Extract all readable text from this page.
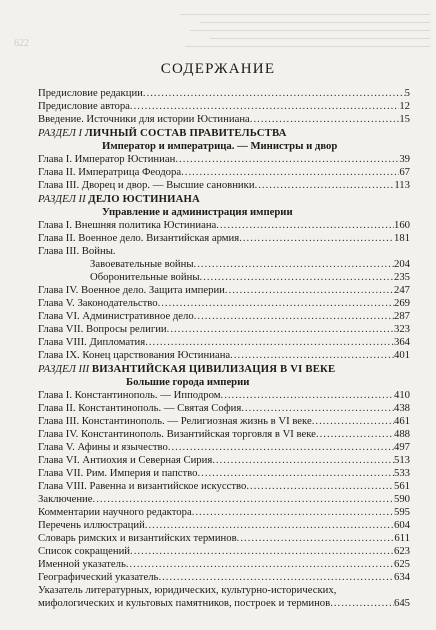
622
СОДЕРЖАНИЕ
Предисловие редакции .....	5
Предисловие автора .....	12
Введение. Источники для истории Юстиниана .....	15
РАЗДЕЛ I ЛИЧНЫЙ СОСТАВ ПРАВИТЕЛЬСТВА
Император и императрица. — Министры и двор
Глава I. Император Юстиниан .....	39
Глава II. Императрица Феодора .....	67
Глава III. Дворец и двор. — Высшие сановники .....	113
РАЗДЕЛ II ДЕЛО ЮСТИНИАНА
Управление и администрация империи
Глава I. Внешняя политика Юстиниана .....	160
Глава II. Военное дело. Византийская армия .....	181
Глава III. Войны.
Завоевательные войны .....	204
Оборонительные войны .....	235
Глава IV. Военное дело. Защита империи .....	247
Глава V. Законодательство .....	269
Глава VI. Административное дело .....	287
Глава VII. Вопросы религии .....	323
Глава VIII. Дипломатия .....	364
Глава IX. Конец царствования Юстиниана .....	401
РАЗДЕЛ III ВИЗАНТИЙСКАЯ ЦИВИЛИЗАЦИЯ В VI ВЕКЕ
Большие города империи
Глава I. Константинополь. — Ипподром .....	410
Глава II. Константинополь. — Святая София .....	438
Глава III. Константинополь. — Религиозная жизнь в VI веке .....	461
Глава IV. Константинополь. Византийская торговля в VI веке .....	488
Глава V. Афины и язычество .....	497
Глава VI. Антиохия и Северная Сирия .....	513
Глава VII. Рим. Империя и папство .....	533
Глава VIII. Равенна и византийское искусство .....	561
Заключение .....	590
Комментарии научного редактора .....	595
Перечень иллюстраций .....	604
Словарь римских и византийских терминов .....	611
Список сокращений .....	623
Именной указатель .....	625
Географический указатель .....	634
Указатель литературных, юридических, культурно-исторических,
мифологических и культовых памятников, построек и терминов .....	645
